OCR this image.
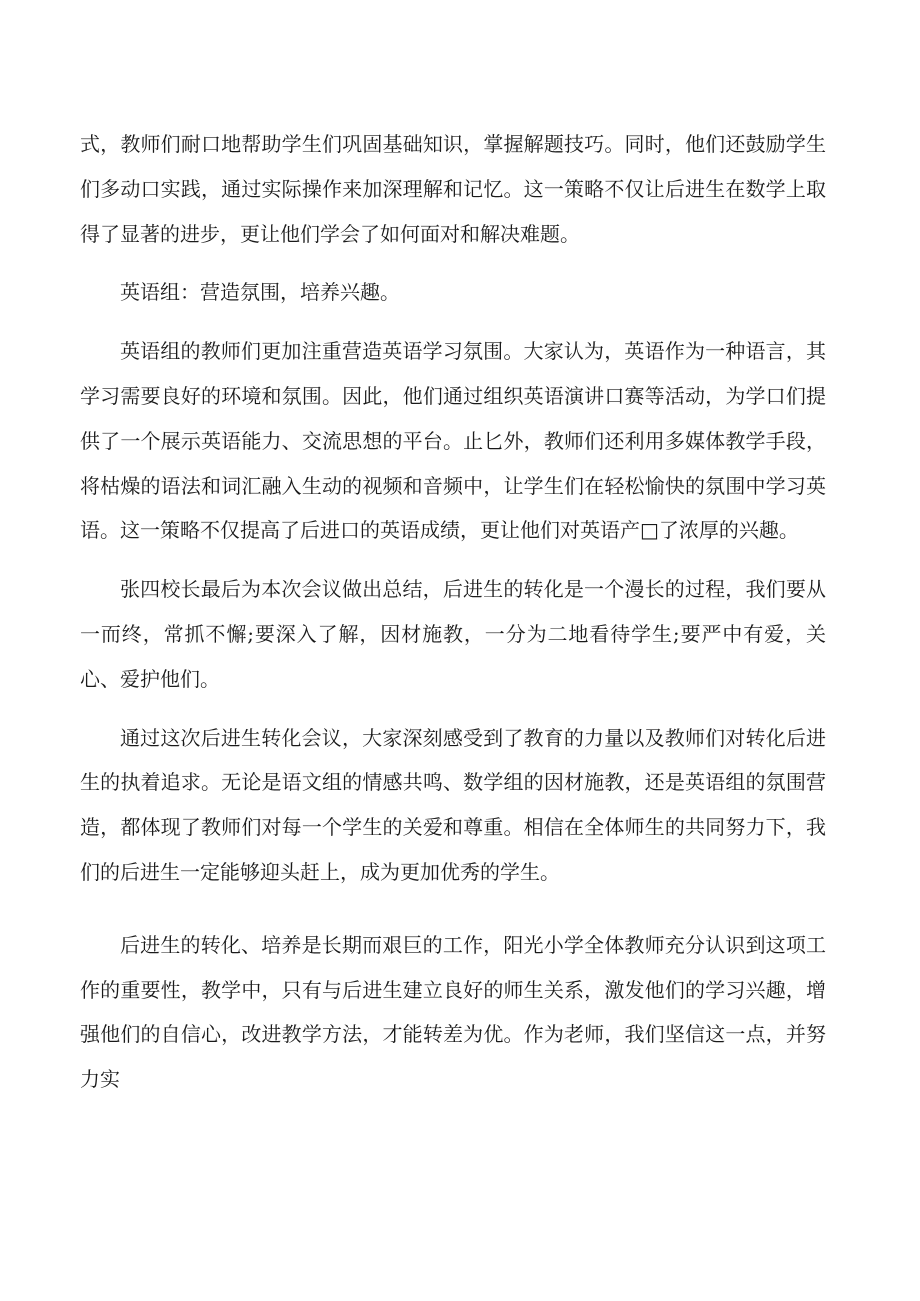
式，教师们耐口地帮助学生们巩固基础知识，掌握解题技巧。同时，他们还鼓励学生们多动口实践，通过实际操作来加深理解和记忆。这一策略不仅让后进生在数学上取得了显著的进步，更让他们学会了如何面对和解决难题。

英语组：营造氛围，培养兴趣。

英语组的教师们更加注重营造英语学习氛围。大家认为，英语作为一种语言，其学习需要良好的环境和氛围。因此，他们通过组织英语演讲口赛等活动，为学口们提供了一个展示英语能力、交流思想的平台。止匕外，教师们还利用多媒体教学手段，将枯燥的语法和词汇融入生动的视频和音频中，让学生们在轻松愉快的氛围中学习英语。这一策略不仅提高了后进口的英语成绩，更让他们对英语产□了浓厚的兴趣。

张四校长最后为本次会议做出总结，后进生的转化是一个漫长的过程，我们要从一而终，常抓不懈;要深入了解，因材施教，一分为二地看待学生;要严中有爱，关心、爱护他们。

通过这次后进生转化会议，大家深刻感受到了教育的力量以及教师们对转化后进生的执着追求。无论是语文组的情感共鸣、数学组的因材施教，还是英语组的氛围营造，都体现了教师们对每一个学生的关爱和尊重。相信在全体师生的共同努力下，我们的后进生一定能够迎头赶上，成为更加优秀的学生。

后进生的转化、培养是长期而艰巨的工作，阳光小学全体教师充分认识到这项工作的重要性，教学中，只有与后进生建立良好的师生关系，激发他们的学习兴趣，增强他们的自信心，改进教学方法，才能转差为优。作为老师，我们坚信这一点，并努力实
